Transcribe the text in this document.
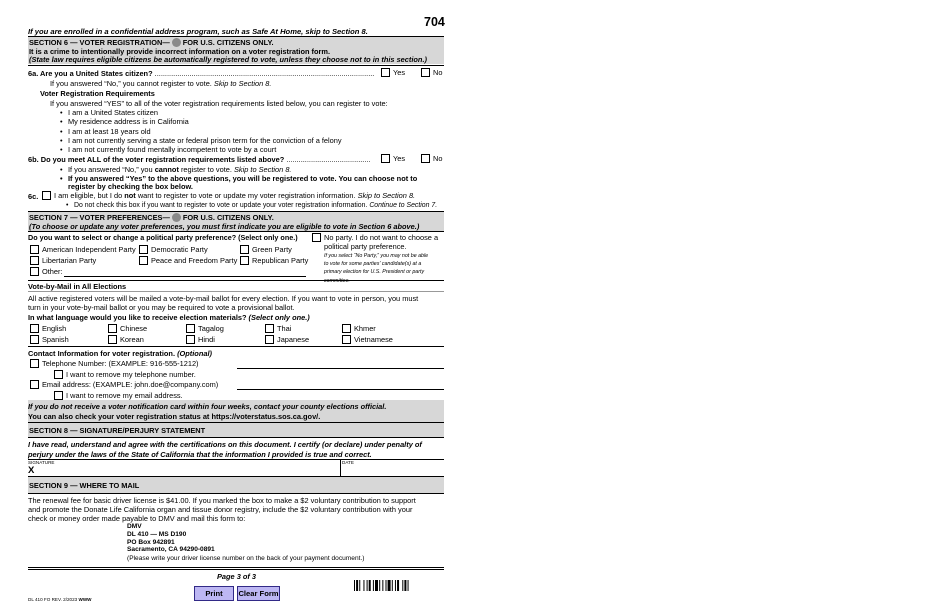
704
If you are enrolled in a confidential address program, such as Safe At Home, skip to Section 8.
SECTION 6 — VOTER REGISTRATION— FOR U.S. CITIZENS ONLY.
It is a crime to intentionally provide incorrect information on a voter registration form.
(State law requires eligible citizens be automatically registered to vote, unless they choose not to in this section.)
6a. Are you a United States citizen? ...........................................................................................................	Yes	No
If you answered “No,” you cannot register to vote. Skip to Section 8.
Voter Registration Requirements
If you answered “YES” to all of the voter registration requirements listed below, you can register to vote:
• I am a United States citizen
• My residence address is in California
• I am at least 18 years old
• I am not currently serving a state or federal prison term for the conviction of a felony
• I am not currently found mentally incompetent to vote by a court
6b. Do you meet ALL of the voter registration requirements listed above? .........................................	Yes	No
• If you answered “No,” you cannot register to vote. Skip to Section 8.
• If you answered “Yes” to the above questions, you will be registered to vote. You can choose not to
register by checking the box below.
6c.	I am eligible, but I do not want to register to vote or update my voter registration information. Skip to Section 8.
• Do not check this box if you want to register to vote or update your voter registration information. Continue to Section 7.
SECTION 7 — VOTER PREFERENCES— FOR U.S. CITIZENS ONLY.
(To choose or update any voter preferences, you must first indicate you are eligible to vote in Section 6 above.)
Do you want to select or change a political party preference? (Select only one.)	No party. I do not want to choose a
political party preference.
If you select “No Party,” you may not be able
to vote for some parties' candidate(s) at a
primary election for U.S. President or party
committee.
American Independent Party	Democratic Party	Green Party
Libertarian Party	Peace and Freedom Party	Republican Party
Other:
Vote-by-Mail in All Elections
All active registered voters will be mailed a vote-by-mail ballot for every election. If you want to vote in person, you must
turn in your vote-by-mail ballot or you may be required to vote a provisional ballot.
In what language would you like to receive election materials? (Select only one.)
English	Chinese	Tagalog	Thai	Khmer
Spanish	Korean	Hindi	Japanese	Vietnamese
Contact Information for voter registration. (Optional)
Telephone Number: (EXAMPLE: 916-555-1212)
I want to remove my telephone number.
Email address: (EXAMPLE: john.doe@company.com)
I want to remove my email address.
If you do not receive a voter notification card within four weeks, contact your county elections official.
You can also check your voter registration status at https://voterstatus.sos.ca.gov/.
SECTION 8 — SIGNATURE/PERJURY STATEMENT
I have read, understand and agree with the certifications on this document. I certify (or declare) under penalty of
perjury under the laws of the State of California that the information I provided is true and correct.
SIGNATURE
X
DATE
SECTION 9 — WHERE TO MAIL
The renewal fee for basic driver license is $41.00. If you marked the box to make a $2 voluntary contribution to support
and promote the Donate Life California organ and tissue donor registry, include the $2 voluntary contribution with your
check or money order made payable to DMV and mail this form to:
DMV
DL 410 — MS D190
PO Box 942891
Sacramento, CA 94290-0891
(Please write your driver license number on the back of your payment document.)
Page 3 of 3
DL 410 FO REV. 2/2023 WWW
Print	Clear Form
